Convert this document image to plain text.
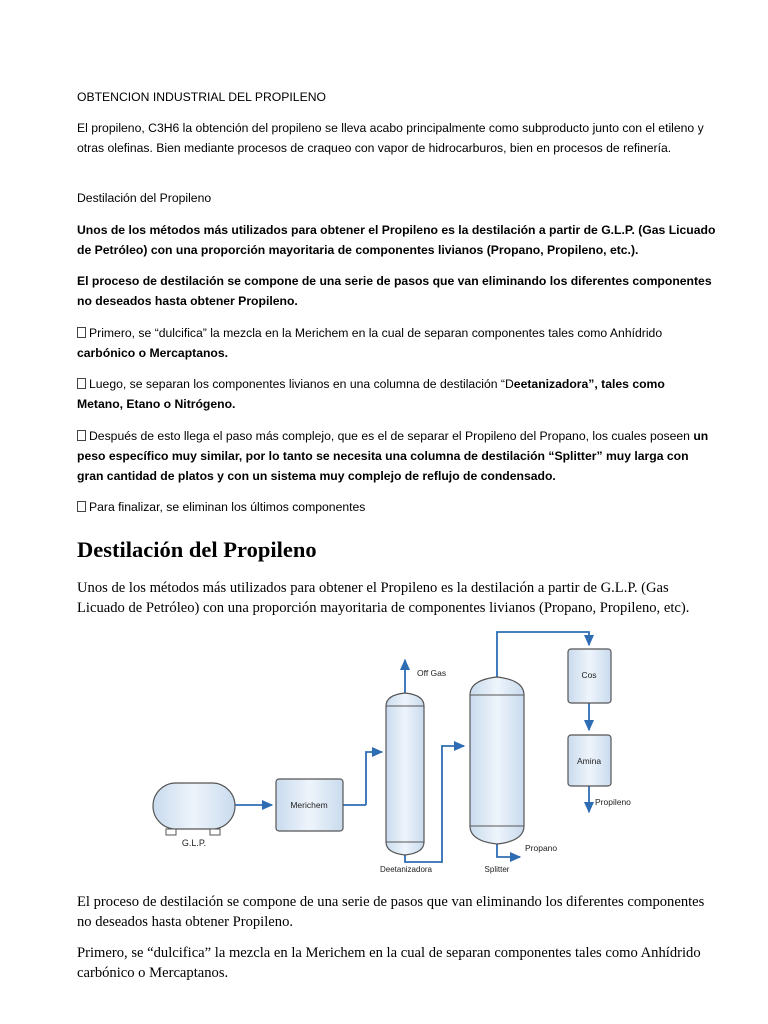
OBTENCION INDUSTRIAL DEL PROPILENO
El propileno, C3H6 la obtención del propileno se lleva acabo principalmente como subproducto junto con el etileno y otras olefinas. Bien mediante procesos de craqueo con vapor de hidrocarburos, bien en procesos de refinería.
Destilación del Propileno
Unos de los métodos más utilizados para obtener el Propileno es la destilación a partir de G.L.P. (Gas Licuado de Petróleo) con una proporción mayoritaria de componentes livianos (Propano, Propileno, etc.).
El proceso de destilación se compone de una serie de pasos que van eliminando los diferentes componentes no deseados hasta obtener Propileno.
Primero, se “dulcifica” la mezcla en la Merichem en la cual de separan componentes tales como Anhídrido
carbónico o Mercaptanos.
Luego, se separan los componentes livianos en una columna de destilación “Deetanizadora”, tales como
Metano, Etano o Nitrógeno.
Después de esto llega el paso más complejo, que es el de separar el Propileno del Propano, los cuales poseen un peso específico muy similar, por lo tanto se necesita una columna de destilación “Splitter” muy larga con gran cantidad de platos y con un sistema muy complejo de reflujo de condensado.
Para finalizar, se eliminan los últimos componentes
Destilación del Propileno
Unos de los métodos más utilizados para obtener el Propileno es la destilación a partir de G.L.P. (Gas Licuado de Petróleo) con una proporción mayoritaria de componentes livianos (Propano, Propileno, etc).
G.L.P.
Merichem
Off Gas
Deetanizadora	Splitter
Propano
Cos
Amina
Propileno
El proceso de destilación se compone de una serie de pasos que van eliminando los diferentes componentes no deseados hasta obtener Propileno.
Primero, se “dulcifica” la mezcla en la Merichem en la cual de separan componentes tales como Anhídrido carbónico o Mercaptanos.
